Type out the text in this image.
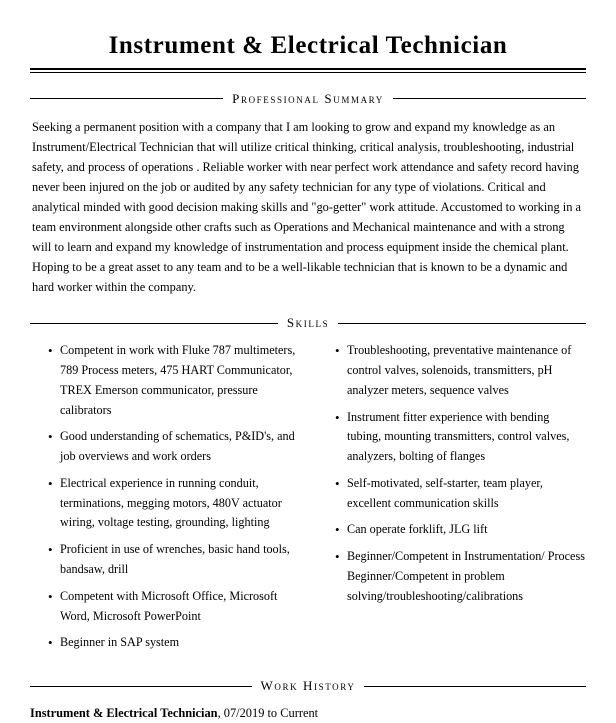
Instrument & Electrical Technician
Professional Summary

Seeking a permanent position with a company that I am looking to grow and expand my knowledge as an Instrument/Electrical Technician that will utilize critical thinking, critical analysis, troubleshooting, industrial safety, and process of operations . Reliable worker with near perfect work attendance and safety record having never been injured on the job or audited by any safety technician for any type of violations. Critical and analytical minded with good decision making skills and "go-getter" work attitude. Accustomed to working in a team environment alongside other crafts such as Operations and Mechanical maintenance and with a strong will to learn and expand my knowledge of instrumentation and process equipment inside the chemical plant. Hoping to be a great asset to any team and to be a well-likable technician that is known to be a dynamic and hard worker within the company.

Skills
• Competent in work with Fluke 787 multimeters, 789 Process meters, 475 HART Communicator, TREX Emerson communicator, pressure calibrators
• Good understanding of schematics, P&ID's, and job overviews and work orders
• Electrical experience in running conduit, terminations, megging motors, 480V actuator wiring, voltage testing, grounding, lighting
• Proficient in use of wrenches, basic hand tools, bandsaw, drill
• Competent with Microsoft Office, Microsoft Word, Microsoft PowerPoint
• Beginner in SAP system
• Troubleshooting, preventative maintenance of control valves, solenoids, transmitters, pH analyzer meters, sequence valves
• Instrument fitter experience with bending tubing, mounting transmitters, control valves, analyzers, bolting of flanges
• Self-motivated, self-starter, team player, excellent communication skills
• Can operate forklift, JLG lift
• Beginner/Competent in Instrumentation/ Process Beginner/Competent in problem solving/troubleshooting/calibrations
Work History
Instrument & Electrical Technician, 07/2019 to Current
